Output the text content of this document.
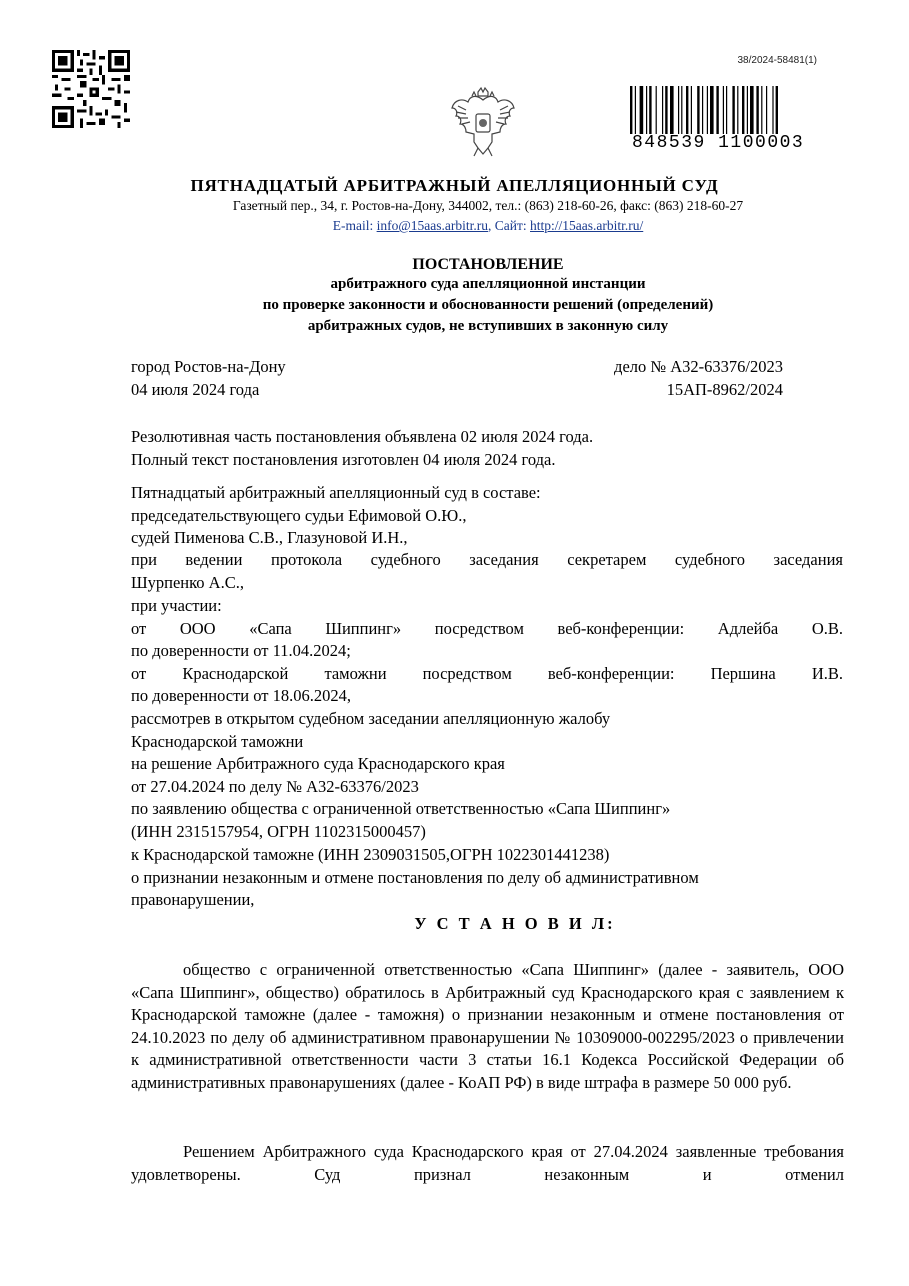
38/2024-58481(1)
848539 1100003
ПЯТНАДЦАТЫЙ АРБИТРАЖНЫЙ АПЕЛЛЯЦИОННЫЙ СУД
Газетный пер., 34, г. Ростов-на-Дону, 344002, тел.: (863) 218-60-26, факс: (863) 218-60-27
E-mail: info@15aas.arbitr.ru, Сайт: http://15aas.arbitr.ru/
ПОСТАНОВЛЕНИЕ
арбитражного суда апелляционной инстанции
по проверке законности и обоснованности решений (определений)
арбитражных судов, не вступивших в законную силу
город Ростов-на-Дону
04 июля 2024 года
дело № А32-63376/2023
15АП-8962/2024
Резолютивная часть постановления объявлена 02 июля 2024 года.
Полный текст постановления изготовлен 04 июля 2024 года.
Пятнадцатый арбитражный апелляционный суд в составе:
председательствующего судьи Ефимовой О.Ю.,
судей Пименова С.В., Глазуновой И.Н.,
при ведении протокола судебного заседания секретарем судебного заседания
Шурпенко А.С.,
при участии:
от ООО «Сапа Шиппинг» посредством веб-конференции: Адлейба О.В.
по доверенности от 11.04.2024;
от Краснодарской таможни посредством веб-конференции: Першина И.В.
по доверенности от 18.06.2024,
рассмотрев в открытом судебном заседании апелляционную жалобу
Краснодарской таможни
на решение Арбитражного суда Краснодарского края
от 27.04.2024 по делу № А32-63376/2023
по заявлению общества с ограниченной ответственностью «Сапа Шиппинг»
(ИНН 2315157954, ОГРН 1102315000457)
к Краснодарской таможне (ИНН 2309031505,ОГРН 1022301441238)
о признании незаконным и отмене постановления по делу об административном
правонарушении,
У С Т А Н О В И Л:
общество с ограниченной ответственностью «Сапа Шиппинг» (далее - заявитель, ООО «Сапа Шиппинг», общество) обратилось в Арбитражный суд Краснодарского края с заявлением к Краснодарской таможне (далее - таможня) о признании незаконным и отмене постановления от 24.10.2023 по делу об административном правонарушении № 10309000-002295/2023 о привлечении к административной ответственности части 3 статьи 16.1 Кодекса Российской Федерации об административных правонарушениях (далее - КоАП РФ) в виде штрафа в размере 50 000 руб.
Решением Арбитражного суда Краснодарского края от 27.04.2024 заявленные требования удовлетворены. Суд признал незаконным и отменил
